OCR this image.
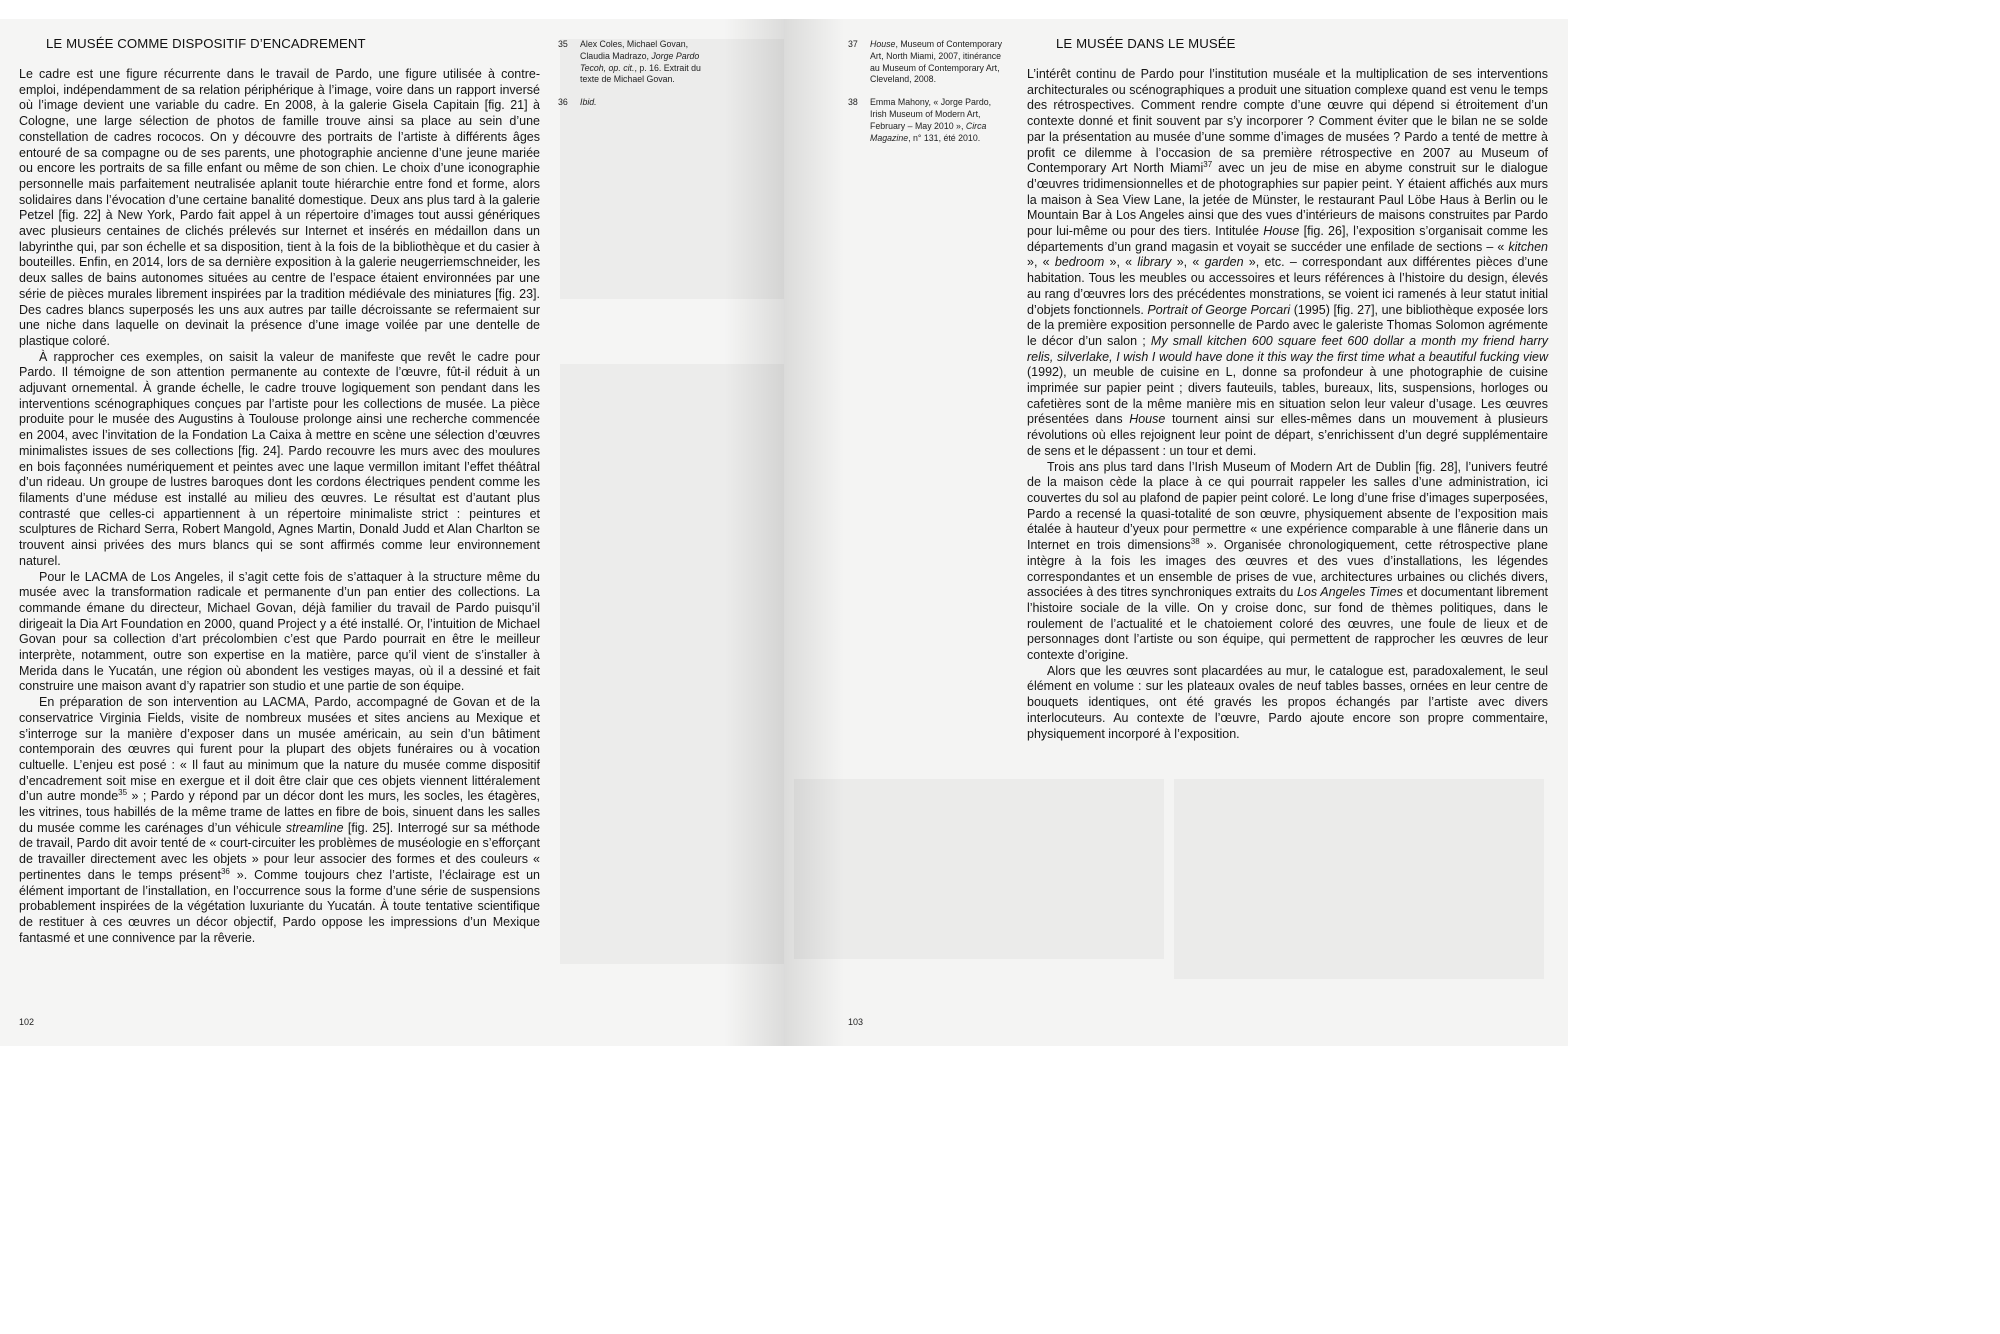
LE MUSÉE COMME DISPOSITIF D’ENCADREMENT

Le cadre est une figure récurrente dans le travail de Pardo, une figure utilisée à contre-emploi, indépendamment de sa relation périphérique à l’image, voire dans un rapport inversé où l’image devient une variable du cadre. En 2008, à la galerie Gisela Capitain [fig. 21] à Cologne, une large sélection de photos de famille trouve ainsi sa place au sein d’une constellation de cadres rococos. On y découvre des portraits de l’artiste à différents âges entouré de sa compagne ou de ses parents, une photographie ancienne d’une jeune mariée ou encore les portraits de sa fille enfant ou même de son chien. Le choix d’une iconographie personnelle mais parfaitement neutralisée aplanit toute hiérarchie entre fond et forme, alors solidaires dans l’évocation d’une certaine banalité domestique. Deux ans plus tard à la galerie Petzel [fig. 22] à New York, Pardo fait appel à un répertoire d’images tout aussi génériques avec plusieurs centaines de clichés prélevés sur Internet et insérés en médaillon dans un labyrinthe qui, par son échelle et sa disposition, tient à la fois de la bibliothèque et du casier à bouteilles. Enfin, en 2014, lors de sa dernière exposition à la galerie neugerriemschneider, les deux salles de bains autonomes situées au centre de l’espace étaient environnées par une série de pièces murales librement inspirées par la tradition médiévale des miniatures [fig. 23]. Des cadres blancs superposés les uns aux autres par taille décroissante se refermaient sur une niche dans laquelle on devinait la présence d’une image voilée par une dentelle de plastique coloré.

À rapprocher ces exemples, on saisit la valeur de manifeste que revêt le cadre pour Pardo. Il témoigne de son attention permanente au contexte de l’œuvre, fût-il réduit à un adjuvant ornemental. À grande échelle, le cadre trouve logiquement son pendant dans les interventions scénographiques conçues par l’artiste pour les collections de musée. La pièce produite pour le musée des Augustins à Toulouse prolonge ainsi une recherche commencée en 2004, avec l’invitation de la Fondation La Caixa à mettre en scène une sélection d’œuvres minimalistes issues de ses collections [fig. 24]. Pardo recouvre les murs avec des moulures en bois façonnées numériquement et peintes avec une laque vermillon imitant l’effet théâtral d’un rideau. Un groupe de lustres baroques dont les cordons électriques pendent comme les filaments d’une méduse est installé au milieu des œuvres. Le résultat est d’autant plus contrasté que celles-ci appartiennent à un répertoire minimaliste strict : peintures et sculptures de Richard Serra, Robert Mangold, Agnes Martin, Donald Judd et Alan Charlton se trouvent ainsi privées des murs blancs qui se sont affirmés comme leur environnement naturel.

Pour le LACMA de Los Angeles, il s’agit cette fois de s’attaquer à la structure même du musée avec la transformation radicale et permanente d’un pan entier des collections. La commande émane du directeur, Michael Govan, déjà familier du travail de Pardo puisqu’il dirigeait la Dia Art Foundation en 2000, quand Project y a été installé. Or, l’intuition de Michael Govan pour sa collection d’art précolombien c’est que Pardo pourrait en être le meilleur interprète, notamment, outre son expertise en la matière, parce qu’il vient de s’installer à Merida dans le Yucatán, une région où abondent les vestiges mayas, où il a dessiné et fait construire une maison avant d’y rapatrier son studio et une partie de son équipe.

En préparation de son intervention au LACMA, Pardo, accompagné de Govan et de la conservatrice Virginia Fields, visite de nombreux musées et sites anciens au Mexique et s’interroge sur la manière d’exposer dans un musée américain, au sein d’un bâtiment contemporain des œuvres qui furent pour la plupart des objets funéraires ou à vocation cultuelle. L’enjeu est posé : « Il faut au minimum que la nature du musée comme dispositif d’encadrement soit mise en exergue et il doit être clair que ces objets viennent littéralement d’un autre monde$^{35}$ » ; Pardo y répond par un décor dont les murs, les socles, les étagères, les vitrines, tous habillés de la même trame de lattes en fibre de bois, sinuent dans les salles du musée comme les carénages d’un véhicule streamline [fig. 25]. Interrogé sur sa méthode de travail, Pardo dit avoir tenté de « court-circuiter les problèmes de muséologie en s’efforçant de travailler directement avec les objets » pour leur associer des formes et des couleurs « pertinentes dans le temps présent$^{36}$ ». Comme toujours chez l’artiste, l’éclairage est un élément important de l’installation, en l’occurrence sous la forme d’une série de suspensions probablement inspirées de la végétation luxuriante du Yucatán. À toute tentative scientifique de restituer à ces œuvres un décor objectif, Pardo oppose les impressions d’un Mexique fantasmé et une connivence par la rêverie.

35 Alex Coles, Michael Govan, Claudia Madrazo, Jorge Pardo Tecoh, op. cit., p. 16. Extrait du texte de Michael Govan.
36 Ibid.
102
37 House, Museum of Contemporary Art, North Miami, 2007, itinérance au Museum of Contemporary Art, Cleveland, 2008.
38 Emma Mahony, « Jorge Pardo, Irish Museum of Modern Art, February – May 2010 », Circa Magazine, n° 131, été 2010.
LE MUSÉE DANS LE MUSÉE

L’intérêt continu de Pardo pour l’institution muséale et la multiplication de ses interventions architecturales ou scénographiques a produit une situation complexe quand est venu le temps des rétrospectives. Comment rendre compte d’une œuvre qui dépend si étroitement d’un contexte donné et finit souvent par s’y incorporer ? Comment éviter que le bilan ne se solde par la présentation au musée d’une somme d’images de musées ? Pardo a tenté de mettre à profit ce dilemme à l’occasion de sa première rétrospective en 2007 au Museum of Contemporary Art North Miami$^{37}$ avec un jeu de mise en abyme construit sur le dialogue d’œuvres tridimensionnelles et de photographies sur papier peint. Y étaient affichés aux murs la maison à Sea View Lane, la jetée de Münster, le restaurant Paul Löbe Haus à Berlin ou le Mountain Bar à Los Angeles ainsi que des vues d’intérieurs de maisons construites par Pardo pour lui-même ou pour des tiers. Intitulée House [fig. 26], l’exposition s’organisait comme les départements d’un grand magasin et voyait se succéder une enfilade de sections – « kitchen », « bedroom », « library », « garden », etc. – correspondant aux différentes pièces d’une habitation. Tous les meubles ou accessoires et leurs références à l’histoire du design, élevés au rang d’œuvres lors des précédentes monstrations, se voient ici ramenés à leur statut initial d’objets fonctionnels. Portrait of George Porcari (1995) [fig. 27], une bibliothèque exposée lors de la première exposition personnelle de Pardo avec le galeriste Thomas Solomon agrémente le décor d’un salon ; My small kitchen 600 square feet 600 dollar a month my friend harry relis, silverlake, I wish I would have done it this way the first time what a beautiful fucking view (1992), un meuble de cuisine en L, donne sa profondeur à une photographie de cuisine imprimée sur papier peint ; divers fauteuils, tables, bureaux, lits, suspensions, horloges ou cafetières sont de la même manière mis en situation selon leur valeur d’usage. Les œuvres présentées dans House tournent ainsi sur elles-mêmes dans un mouvement à plusieurs révolutions où elles rejoignent leur point de départ, s’enrichissent d’un degré supplémentaire de sens et le dépassent : un tour et demi.

Trois ans plus tard dans l’Irish Museum of Modern Art de Dublin [fig. 28], l’univers feutré de la maison cède la place à ce qui pourrait rappeler les salles d’une administration, ici couvertes du sol au plafond de papier peint coloré. Le long d’une frise d’images superposées, Pardo a recensé la quasi-totalité de son œuvre, physiquement absente de l’exposition mais étalée à hauteur d’yeux pour permettre « une expérience comparable à une flânerie dans un Internet en trois dimensions$^{38}$ ». Organisée chronologiquement, cette rétrospective plane intègre à la fois les images des œuvres et des vues d’installations, les légendes correspondantes et un ensemble de prises de vue, architectures urbaines ou clichés divers, associées à des titres synchroniques extraits du Los Angeles Times et documentant librement l’histoire sociale de la ville. On y croise donc, sur fond de thèmes politiques, dans le roulement de l’actualité et le chatoiement coloré des œuvres, une foule de lieux et de personnages dont l’artiste ou son équipe, qui permettent de rapprocher les œuvres de leur contexte d’origine.

Alors que les œuvres sont placardées au mur, le catalogue est, paradoxalement, le seul élément en volume : sur les plateaux ovales de neuf tables basses, ornées en leur centre de bouquets identiques, ont été gravés les propos échangés par l’artiste avec divers interlocuteurs. Au contexte de l’œuvre, Pardo ajoute encore son propre commentaire, physiquement incorporé à l’exposition.

103
